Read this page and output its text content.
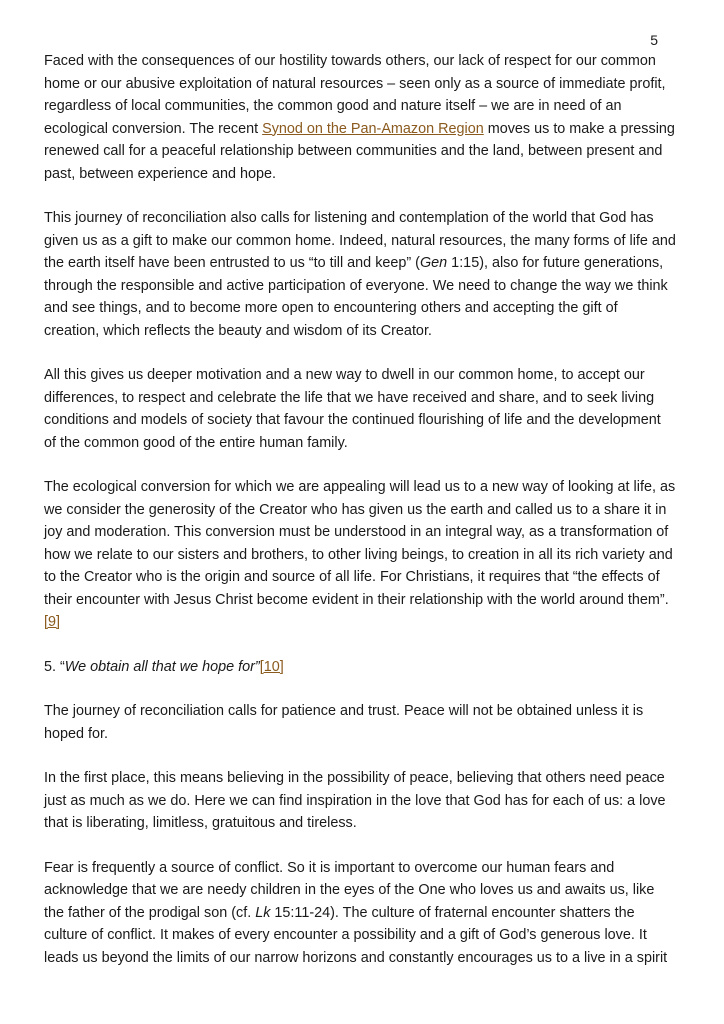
5

Faced with the consequences of our hostility towards others, our lack of respect for our common home or our abusive exploitation of natural resources – seen only as a source of immediate profit, regardless of local communities, the common good and nature itself – we are in need of an ecological conversion. The recent Synod on the Pan-Amazon Region moves us to make a pressing renewed call for a peaceful relationship between communities and the land, between present and past, between experience and hope.

This journey of reconciliation also calls for listening and contemplation of the world that God has given us as a gift to make our common home. Indeed, natural resources, the many forms of life and the earth itself have been entrusted to us “to till and keep” (Gen 1:15), also for future generations, through the responsible and active participation of everyone. We need to change the way we think and see things, and to become more open to encountering others and accepting the gift of creation, which reflects the beauty and wisdom of its Creator.

All this gives us deeper motivation and a new way to dwell in our common home, to accept our differences, to respect and celebrate the life that we have received and share, and to seek living conditions and models of society that favour the continued flourishing of life and the development of the common good of the entire human family.

The ecological conversion for which we are appealing will lead us to a new way of looking at life, as we consider the generosity of the Creator who has given us the earth and called us to a share it in joy and moderation. This conversion must be understood in an integral way, as a transformation of how we relate to our sisters and brothers, to other living beings, to creation in all its rich variety and to the Creator who is the origin and source of all life. For Christians, it requires that “the effects of their encounter with Jesus Christ become evident in their relationship with the world around them”.[9]

5. “We obtain all that we hope for”[10]

The journey of reconciliation calls for patience and trust. Peace will not be obtained unless it is hoped for.

In the first place, this means believing in the possibility of peace, believing that others need peace just as much as we do. Here we can find inspiration in the love that God has for each of us: a love that is liberating, limitless, gratuitous and tireless.

Fear is frequently a source of conflict. So it is important to overcome our human fears and acknowledge that we are needy children in the eyes of the One who loves us and awaits us, like the father of the prodigal son (cf. Lk 15:11-24). The culture of fraternal encounter shatters the culture of conflict. It makes of every encounter a possibility and a gift of God’s generous love. It leads us beyond the limits of our narrow horizons and constantly encourages us to a live in a spirit
